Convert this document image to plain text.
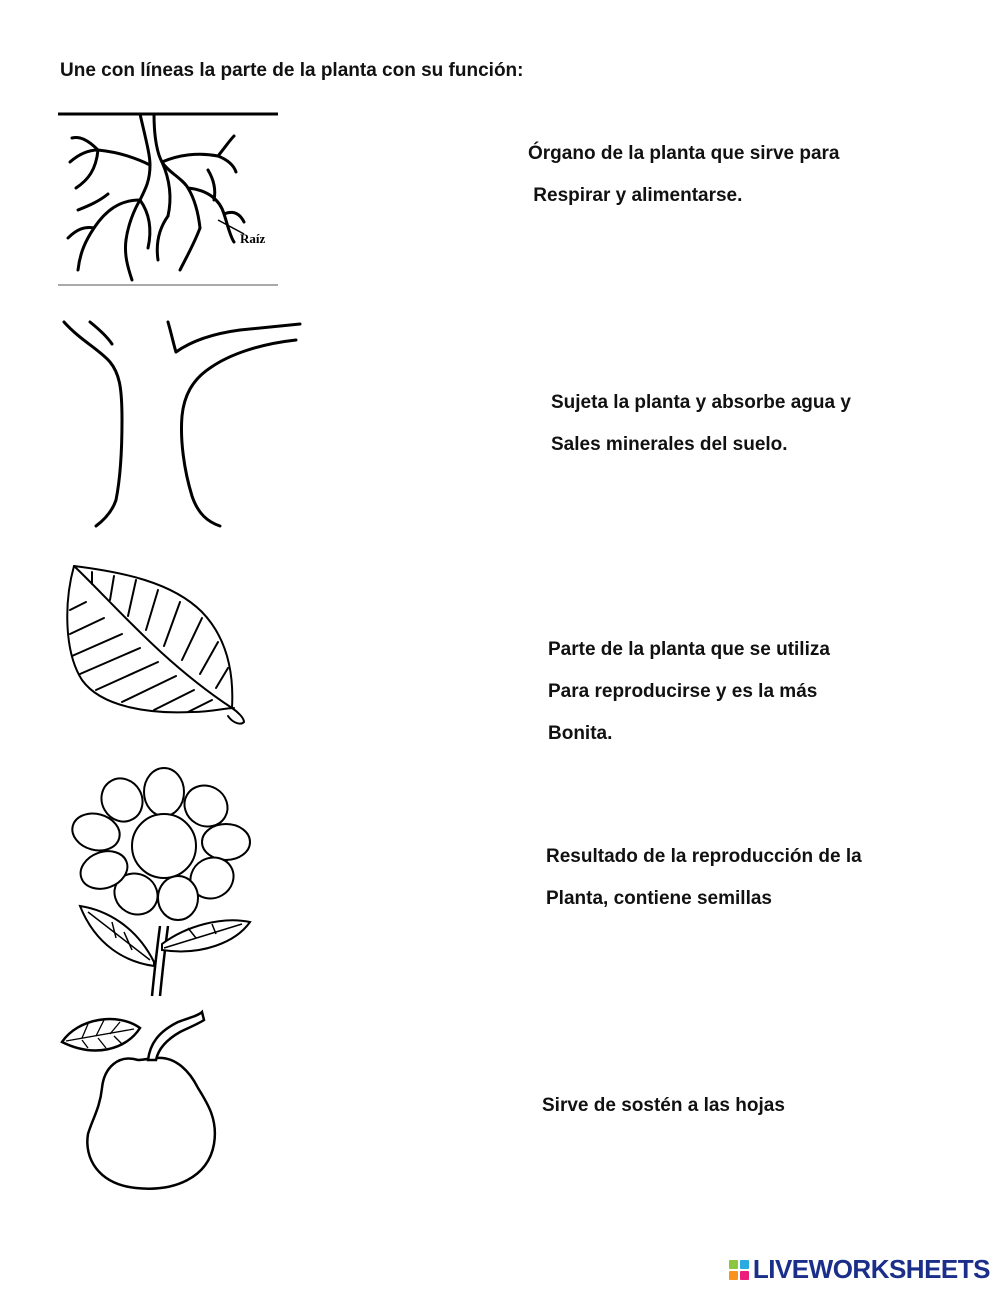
Une con líneas la parte de la planta con su función:
Raíz
Órgano de la planta que sirve para
Respirar y alimentarse.
Sujeta la planta y absorbe agua y
Sales minerales del suelo.
Parte de la planta que se utiliza
Para reproducirse y es la más
Bonita.
Resultado de la reproducción de la
Planta, contiene semillas
Sirve de sostén a las hojas
LIVEWORKSHEETS
